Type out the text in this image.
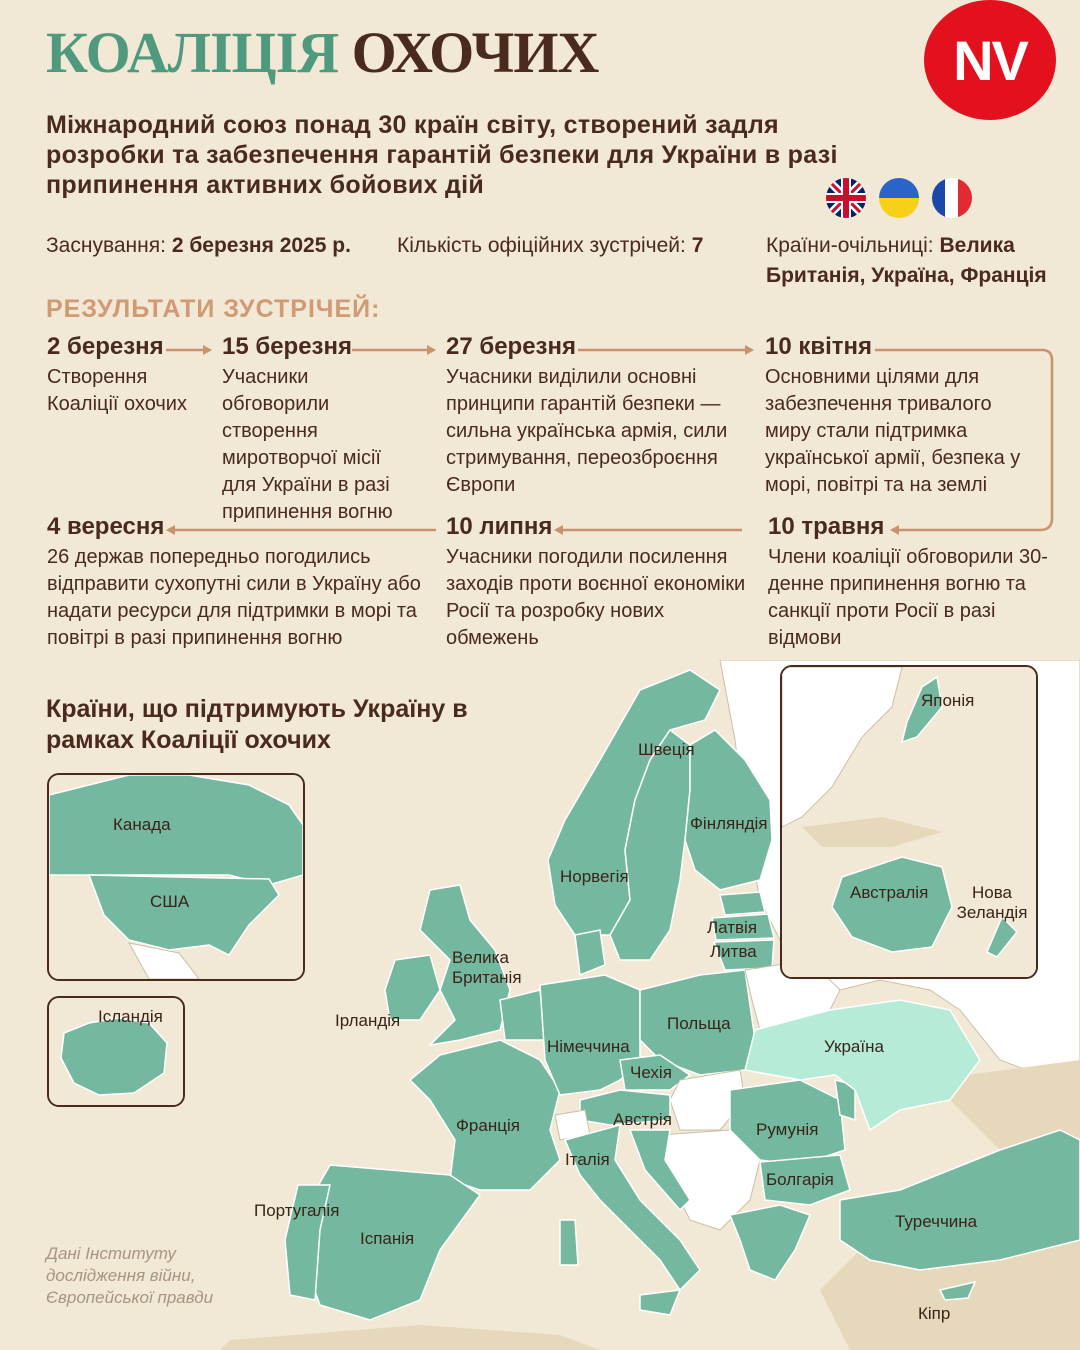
КОАЛІЦІЯ ОХОЧИХ	NV
Міжнародний союз понад 30 країн світу, створений задля розробки та забезпечення гарантій безпеки для України в разі припинення активних бойових дій
Заснування: 2 березня 2025 р. Кількість офіційних зустрічей: 7	Країни-очільниці: Велика Британія, Україна, Франція
РЕЗУЛЬТАТИ ЗУСТРІЧЕЙ:
2 березня
Створення Коаліції охочих
15 березня
Учасники обговорили створення миротворчої місії для України в разі припинення вогню
27 березня
Учасники виділили основні принципи гарантій безпеки — сильна українська армія, сили стримування, переозброєння Європи
10 квітня
Основними цілями для забезпечення тривалого миру стали підтримка української армії, безпека у морі, повітрі та на землі
10 травня
Члени коаліції обговорили 30-денне припинення вогню та санкції проти Росії в разі відмови
10 липня
Учасники погодили посилення заходів проти воєнної економіки Росії та розробку нових обмежень
4 вересня
26 держав попередньо погодились відправити сухопутні сили в Україну або надати ресурси для підтримки в морі та повітрі в разі припинення вогню
Канада
США
Ісландія
Японія
Австралія	Нова Зеландія
Швеція
Норвегія
Фінляндія
Латвія
Литва
Велика Британія
Ірландія	Польща
Німеччина
Чехія
Австрія
Україна
Франція	Румунія
Італія
Болгарія
Португалія
Іспанія
Туреччина
Кіпр
Країни, що підтримують Україну в рамках Коаліції охочих
Дані Інституту дослідження війни, Європейської правди
